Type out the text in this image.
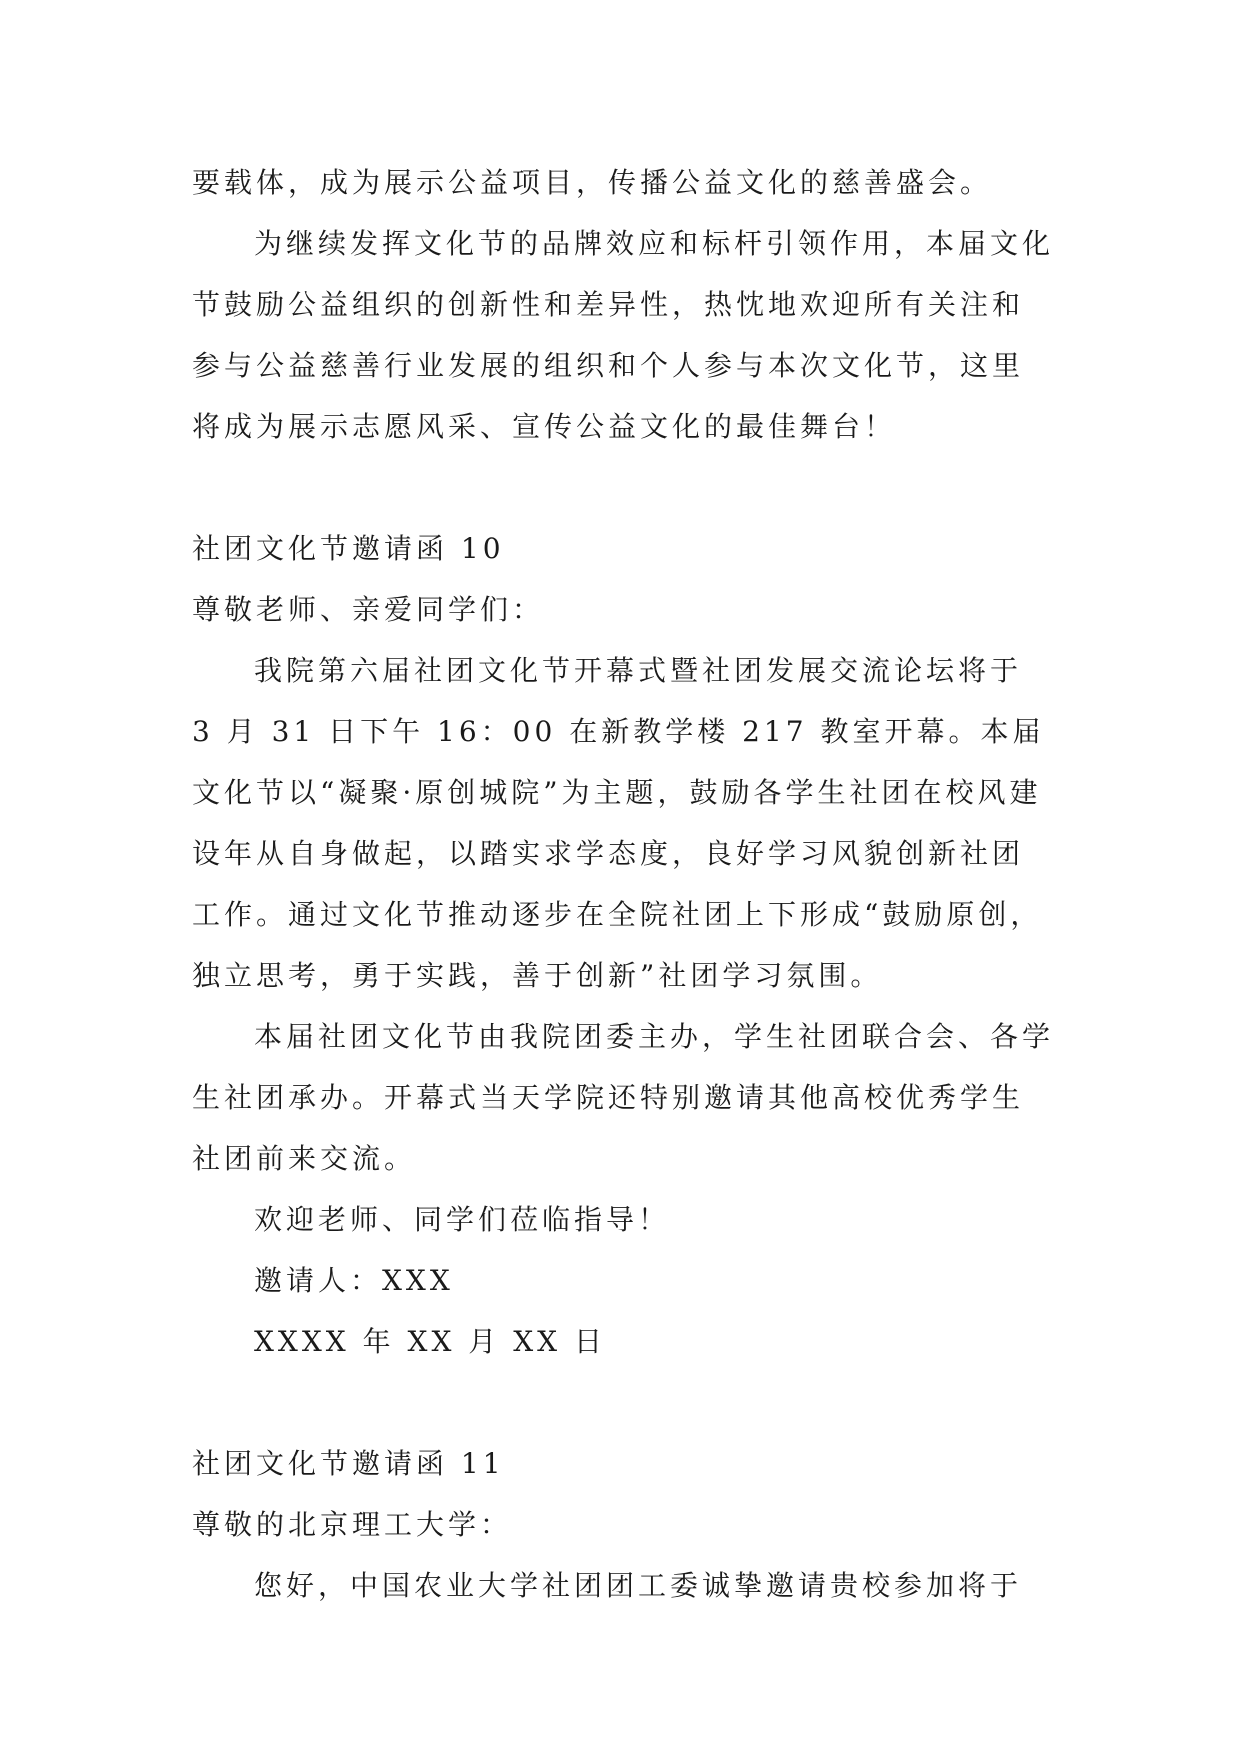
要载体，成为展示公益项目，传播公益文化的慈善盛会。

为继续发挥文化节的品牌效应和标杆引领作用，本届文化节鼓励公益组织的创新性和差异性，热忱地欢迎所有关注和参与公益慈善行业发展的组织和个人参与本次文化节，这里将成为展示志愿风采、宣传公益文化的最佳舞台！

社团文化节邀请函 10

尊敬老师、亲爱同学们：

我院第六届社团文化节开幕式暨社团发展交流论坛将于 3 月 31 日下午 16：00 在新教学楼 217 教室开幕。本届文化节以“凝聚·原创城院”为主题，鼓励各学生社团在校风建设年从自身做起，以踏实求学态度，良好学习风貌创新社团工作。通过文化节推动逐步在全院社团上下形成“鼓励原创，独立思考，勇于实践，善于创新”社团学习氛围。

本届社团文化节由我院团委主办，学生社团联合会、各学生社团承办。开幕式当天学院还特别邀请其他高校优秀学生社团前来交流。

欢迎老师、同学们莅临指导！

邀请人：XXX

XXXX 年 XX 月 XX 日

社团文化节邀请函 11

尊敬的北京理工大学：

您好，中国农业大学社团团工委诚挚邀请贵校参加将于
